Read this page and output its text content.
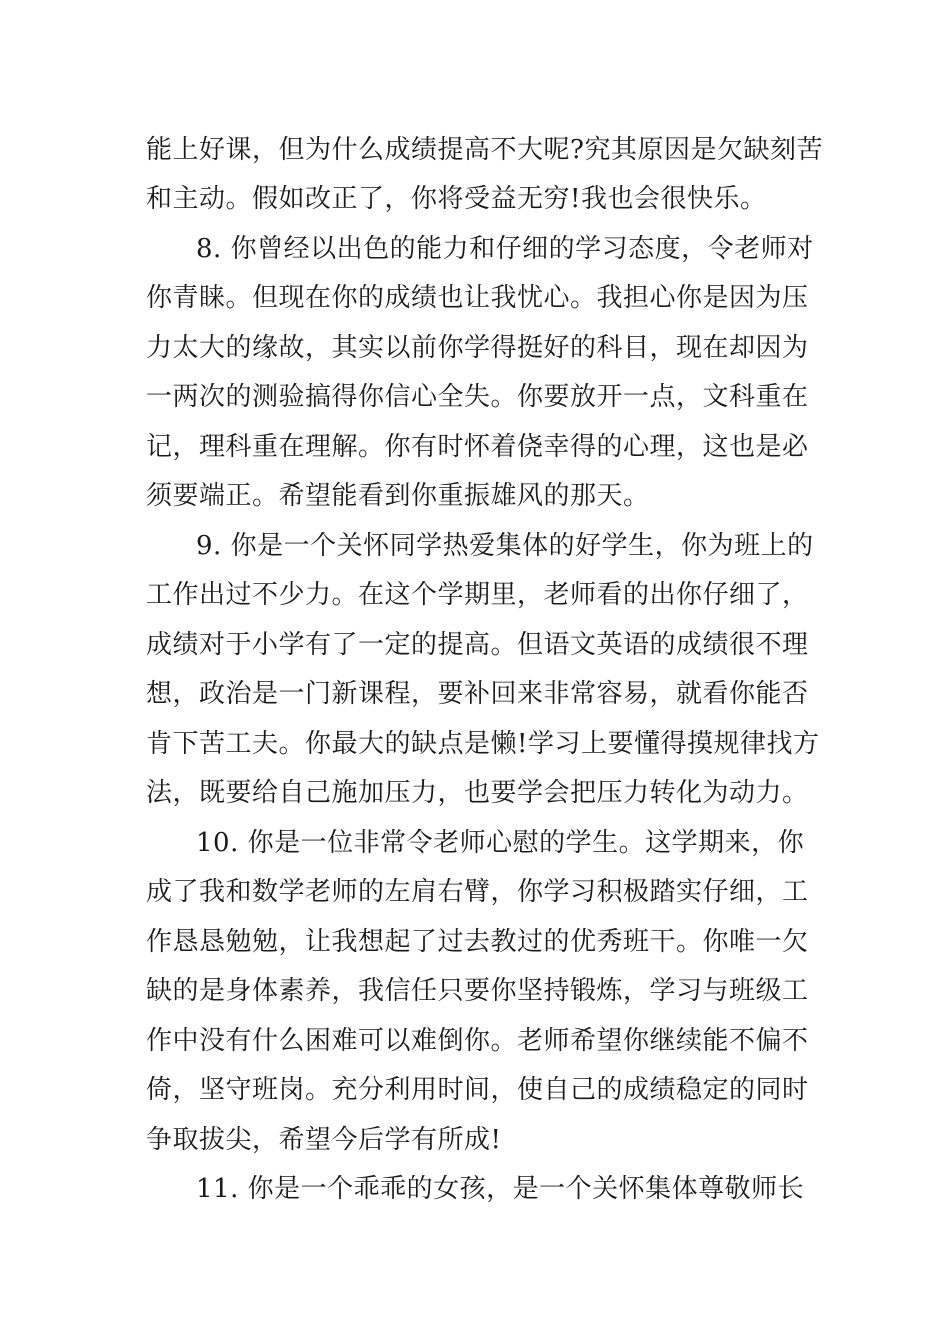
能上好课，但为什么成绩提高不大呢?究其原因是欠缺刻苦
和主动。假如改正了，你将受益无穷!我也会很快乐。
8. 你曾经以出色的能力和仔细的学习态度，令老师对
你青睐。但现在你的成绩也让我忧心。我担心你是因为压
力太大的缘故，其实以前你学得挺好的科目，现在却因为
一两次的测验搞得你信心全失。你要放开一点，文科重在
记，理科重在理解。你有时怀着侥幸得的心理，这也是必
须要端正。希望能看到你重振雄风的那天。
9. 你是一个关怀同学热爱集体的好学生，你为班上的
工作出过不少力。在这个学期里，老师看的出你仔细了，
成绩对于小学有了一定的提高。但语文英语的成绩很不理
想，政治是一门新课程，要补回来非常容易，就看你能否
肯下苦工夫。你最大的缺点是懒!学习上要懂得摸规律找方
法，既要给自己施加压力，也要学会把压力转化为动力。
10. 你是一位非常令老师心慰的学生。这学期来，你
成了我和数学老师的左肩右臂，你学习积极踏实仔细，工
作恳恳勉勉，让我想起了过去教过的优秀班干。你唯一欠
缺的是身体素养，我信任只要你坚持锻炼，学习与班级工
作中没有什么困难可以难倒你。老师希望你继续能不偏不
倚，坚守班岗。充分利用时间，使自己的成绩稳定的同时
争取拔尖，希望今后学有所成!
11. 你是一个乖乖的女孩，是一个关怀集体尊敬师长
